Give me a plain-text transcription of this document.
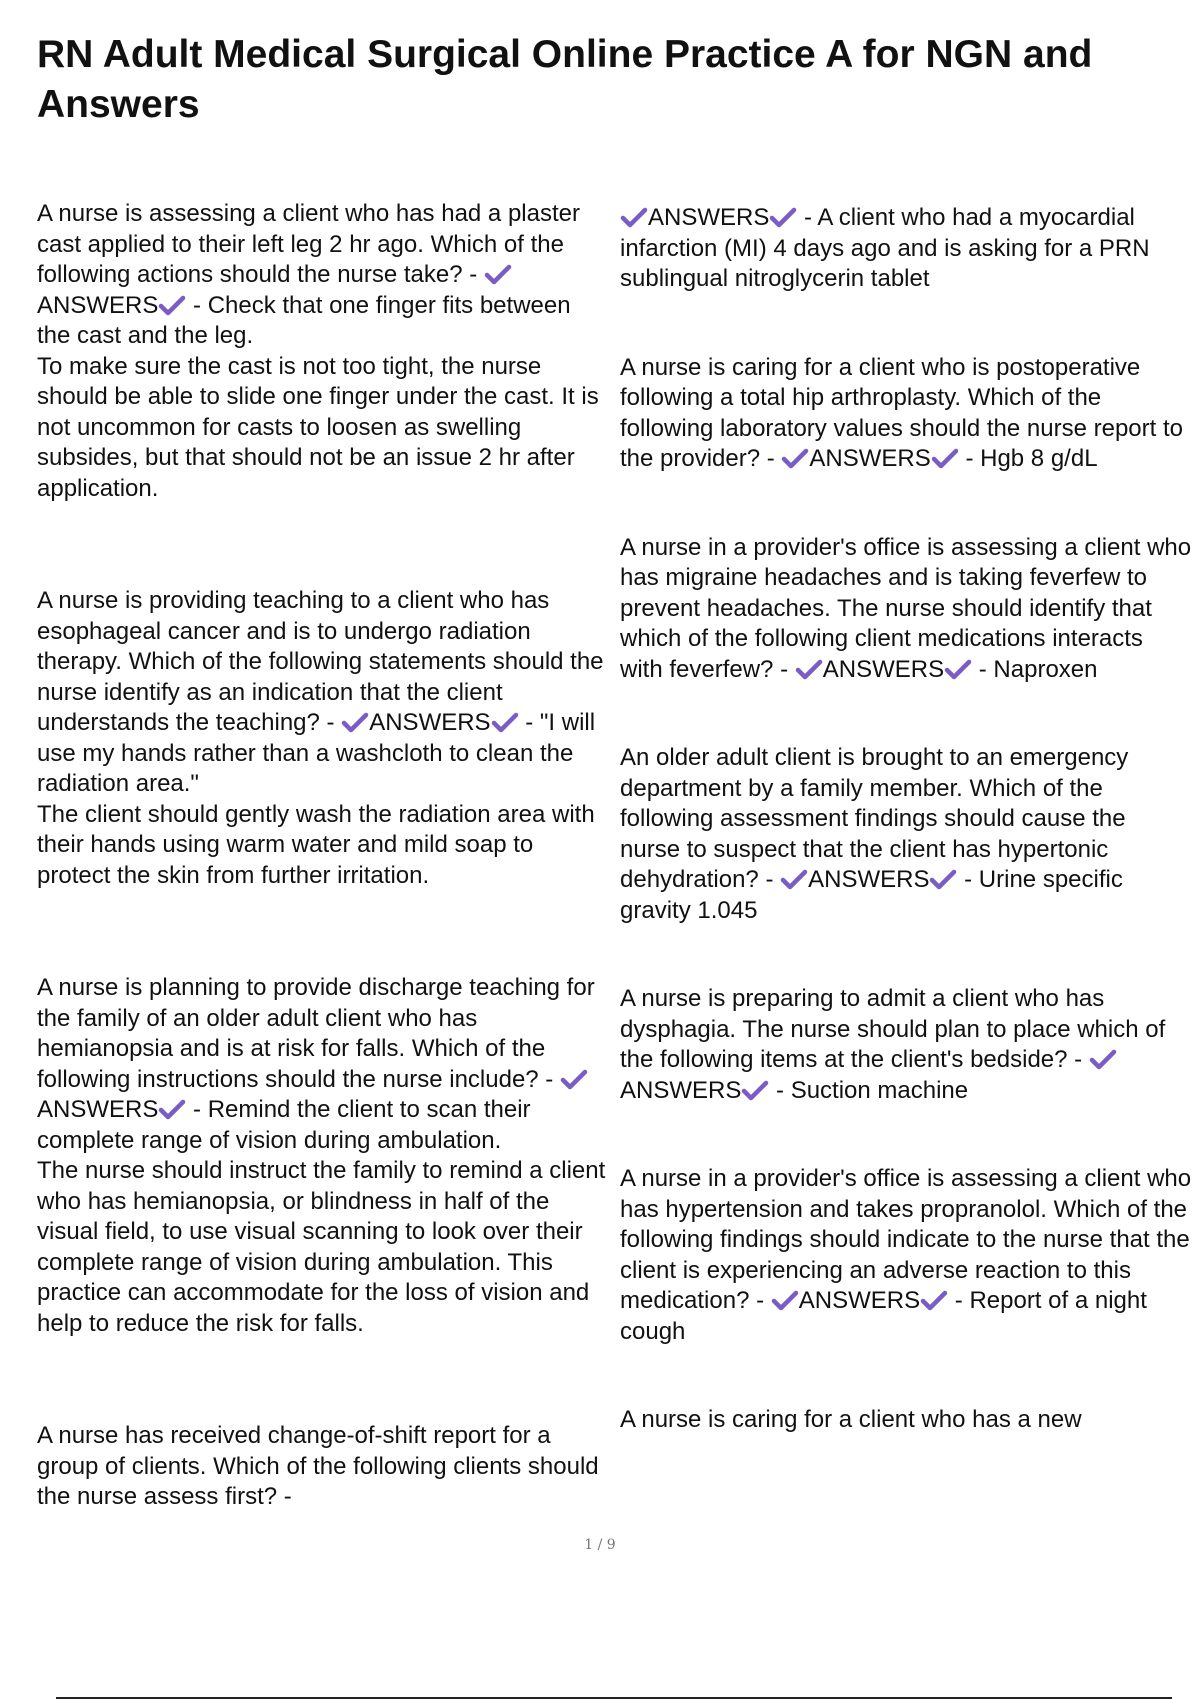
RN Adult Medical Surgical Online Practice A for NGN and Answers

A nurse is assessing a client who has had a plaster cast applied to their left leg 2 hr ago. Which of the following actions should the nurse take? -
ANSWERS - Check that one finger fits between the cast and the leg.
To make sure the cast is not too tight, the nurse should be able to slide one finger under the cast. It is not uncommon for casts to loosen as swelling subsides, but that should not be an issue 2 hr after application.

A nurse is providing teaching to a client who has esophageal cancer and is to undergo radiation therapy. Which of the following statements should the nurse identify as an indication that the client understands the teaching? - ANSWERS - "I will use my hands rather than a washcloth to clean the radiation area."
The client should gently wash the radiation area with their hands using warm water and mild soap to protect the skin from further irritation.

A nurse is planning to provide discharge teaching for the family of an older adult client who has hemianopsia and is at risk for falls. Which of the following instructions should the nurse include? -
ANSWERS - Remind the client to scan their complete range of vision during ambulation.
The nurse should instruct the family to remind a client who has hemianopsia, or blindness in half of the visual field, to use visual scanning to look over their complete range of vision during ambulation. This practice can accommodate for the loss of vision and help to reduce the risk for falls.

A nurse has received change-of-shift report for a group of clients. Which of the following clients should the nurse assess first? -

ANSWERS - A client who had a myocardial infarction (MI) 4 days ago and is asking for a PRN sublingual nitroglycerin tablet

A nurse is caring for a client who is postoperative following a total hip arthroplasty. Which of the following laboratory values should the nurse report to the provider? - ANSWERS - Hgb 8 g/dL

A nurse in a provider's office is assessing a client who has migraine headaches and is taking feverfew to prevent headaches. The nurse should identify that which of the following client medications interacts with feverfew? - ANSWERS - Naproxen

An older adult client is brought to an emergency department by a family member. Which of the following assessment findings should cause the nurse to suspect that the client has hypertonic dehydration? - ANSWERS - Urine specific gravity 1.045

A nurse is preparing to admit a client who has dysphagia. The nurse should plan to place which of the following items at the client's bedside? -
ANSWERS - Suction machine

A nurse in a provider's office is assessing a client who has hypertension and takes propranolol. Which of the following findings should indicate to the nurse that the client is experiencing an adverse reaction to this medication? - ANSWERS - Report of a night cough

A nurse is caring for a client who has a new

1 / 9
